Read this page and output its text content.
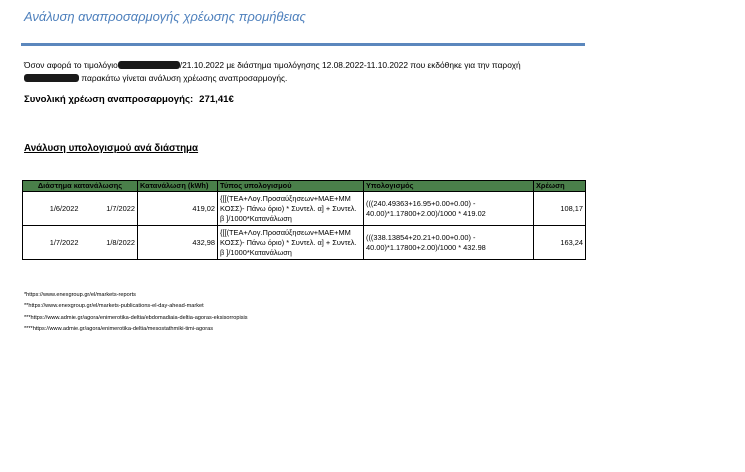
Ανάλυση αναπροσαρμογής χρέωσης προμήθειας
Όσον αφορά το τιμολόγιο	/21.10.2022 με διάστημα τιμολόγησης 12.08.2022-11.10.2022 που εκδόθηκε για την παροχή
παρακάτω γίνεται ανάλυση χρέωσης αναπροσαρμογής.
Συνολική χρέωση αναπροσαρμογής: 271,41€
Ανάλυση υπολογισμού ανά διάστημα
Διάστημα κατανάλωσης		Κατανάλωση (kWh)	Τύπος υπολογισμού	Υπολογισμός	Χρέωση
1/6/2022	1/7/2022	419,02	{[[(ΤΕΑ+Λογ.Προσαύξησεων+ΜΑΕ+ΜΜ ΚΟΣΣ)- Πάνω όριο) * Συντελ. α] + Συντελ. β ]/1000*Κατανάλωση	(((240.49363+16.95+0.00+0.00) - 40.00)*1.17800+2.00)/1000 * 419.02	108,17
1/7/2022	1/8/2022	432,98	{[[(ΤΕΑ+Λογ.Προσαύξησεων+ΜΑΕ+ΜΜ ΚΟΣΣ)- Πάνω όριο) * Συντελ. α] + Συντελ. β ]/1000*Κατανάλωση	(((338.13854+20.21+0.00+0.00) - 40.00)*1.17800+2.00)/1000 * 432.98	163,24
*https://www.enexgroup.gr/el/markets-reports
**https://www.enexgroup.gr/el/markets-publications-el-day-ahead-market
***https://www.admie.gr/agora/enimerotika-deltia/ebdomadiaia-deltia-agoras-eksisorropisis
****https://www.admie.gr/agora/enimerotika-deltia/mesostathmiki-timi-agoras
